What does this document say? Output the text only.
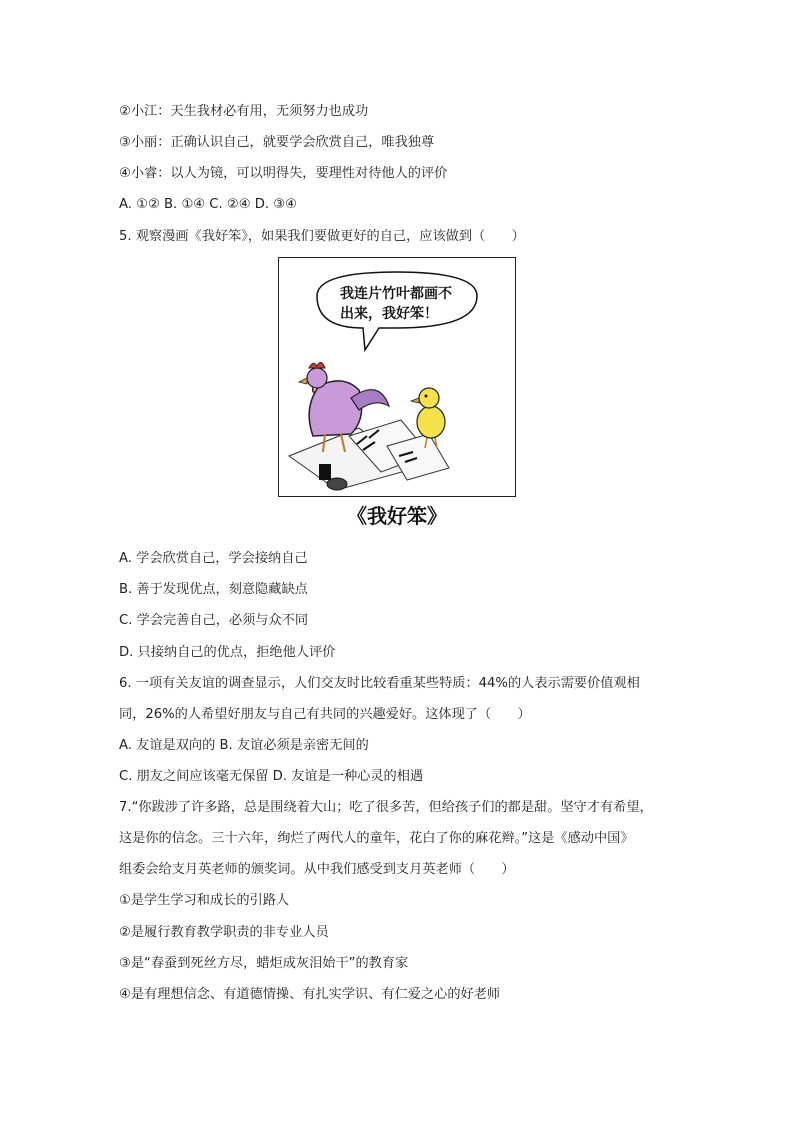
②小江：天生我材必有用，无须努力也成功
③小丽：正确认识自己，就要学会欣赏自己，唯我独尊
④小睿：以人为镜，可以明得失，要理性对待他人的评价
A. ①② B. ①④ C. ②④ D. ③④
5. 观察漫画《我好笨》，如果我们要做更好的自己，应该做到（　　）
我连片竹叶都画不
出来，我好笨！
《我好笨》
A. 学会欣赏自己，学会接纳自己
B. 善于发现优点，刻意隐藏缺点
C. 学会完善自己，必须与众不同
D. 只接纳自己的优点，拒绝他人评价
6. 一项有关友谊的调查显示，人们交友时比较看重某些特质：44%的人表示需要价值观相
同，26%的人希望好朋友与自己有共同的兴趣爱好。这体现了（　　）
A. 友谊是双向的 B. 友谊必须是亲密无间的
C. 朋友之间应该毫无保留 D. 友谊是一种心灵的相遇
7.“你跋涉了许多路，总是围绕着大山；吃了很多苦，但给孩子们的都是甜。坚守才有希望，
这是你的信念。三十六年，绚烂了两代人的童年，花白了你的麻花辫。”这是《感动中国》
组委会给支月英老师的颁奖词。从中我们感受到支月英老师（　　）
①是学生学习和成长的引路人
②是履行教育教学职责的非专业人员
③是“春蚕到死丝方尽，蜡炬成灰泪始干”的教育家
④是有理想信念、有道德情操、有扎实学识、有仁爱之心的好老师
